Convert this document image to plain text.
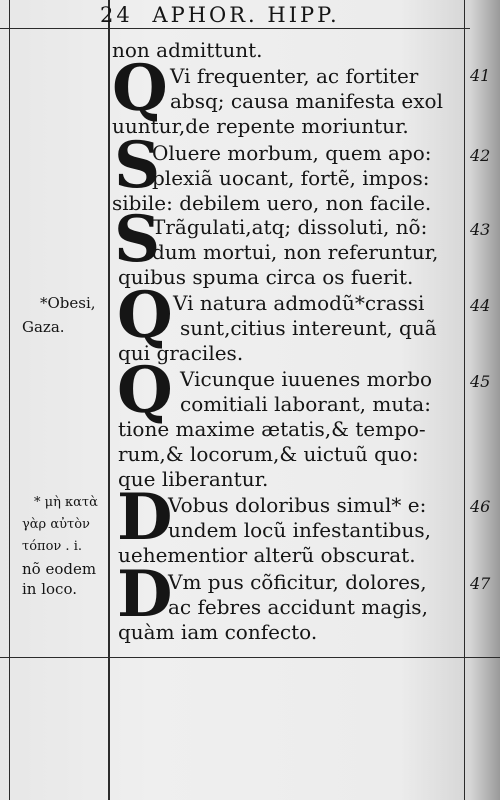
24 APHOR. HIPP.
non admittunt.
Q Vi frequenter, ac fortiter
absq; causa manifesta exol
uuntur,de repente moriuntur.
41
S
Oluere morbum, quem apo:
plexiã uocant, fortẽ, impos:
sibile: debilem uero, non facile.
42
S
Trãgulati,atq; dissoluti, nõ:
dum mortui, non referuntur,
quibus spuma circa os fuerit.
43
Q Vi natura admodũ*crassi
sunt,citius intereunt, quã
qui graciles.
44
Q Vicunque iuuenes morbo
comitiali laborant, muta:
tione maxime ætatis,& tempo-
rum,& locorum,& uictuũ quo:
que liberantur.
45
D
Vobus doloribus simul* e:
undem locũ infestantibus,
uehementior alterũ obscurat.
46
D
Vm pus cõficitur, dolores,
ac febres accidunt magis,
quàm iam confecto.
47
*Obesi,
Gaza.
* μὴ κατὰ
γὰρ αὐτὸν
τόπον . i.
nõ eodem
in loco.
